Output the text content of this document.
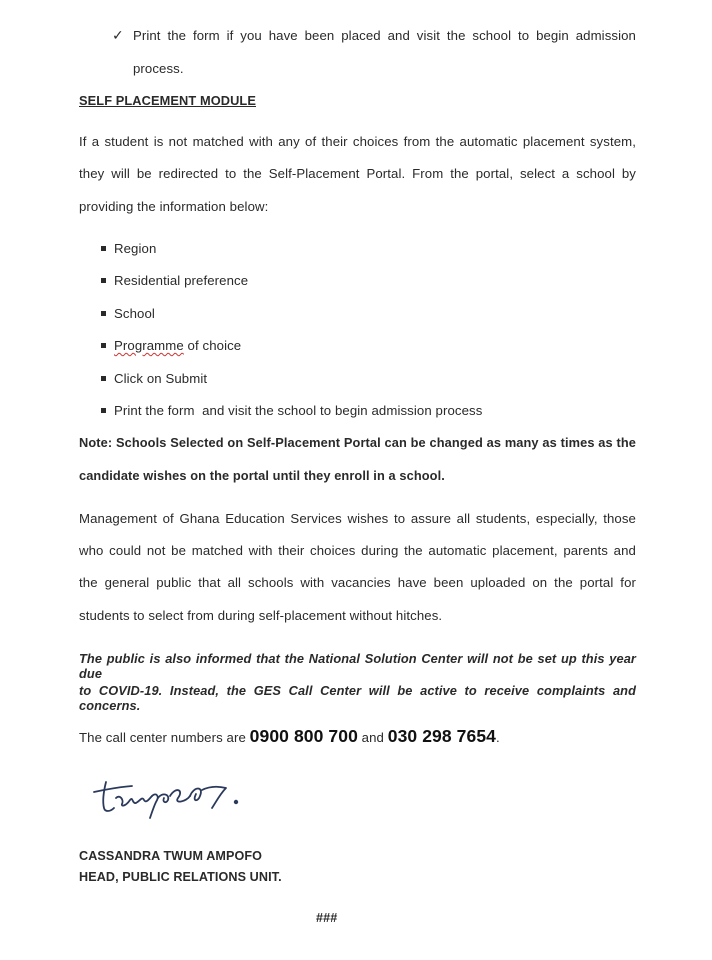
✓ Print the form if you have been placed and visit the school to begin admission
process.
SELF PLACEMENT MODULE
If a student is not matched with any of their choices from the automatic placement system,
they will be redirected to the Self-Placement Portal. From the portal, select a school by
providing the information below:
Region
Residential preference
School
Programme of choice
Click on Submit
Print the form  and visit the school to begin admission process
Note: Schools Selected on Self-Placement Portal can be changed as many as times as the
candidate wishes on the portal until they enroll in a school.
Management of Ghana Education Services wishes to assure all students, especially, those
who could not be matched with their choices during the automatic placement, parents and
the general public that all schools with vacancies have been uploaded on the portal for
students to select from during self-placement without hitches.
The public is also informed that the National Solution Center will not be set up this year due
to COVID-19. Instead, the GES Call Center will be active to receive complaints and concerns.
The call center numbers are 0900 800 700 and 030 298 7654.
CASSANDRA TWUM AMPOFO
HEAD, PUBLIC RELATIONS UNIT.
###
